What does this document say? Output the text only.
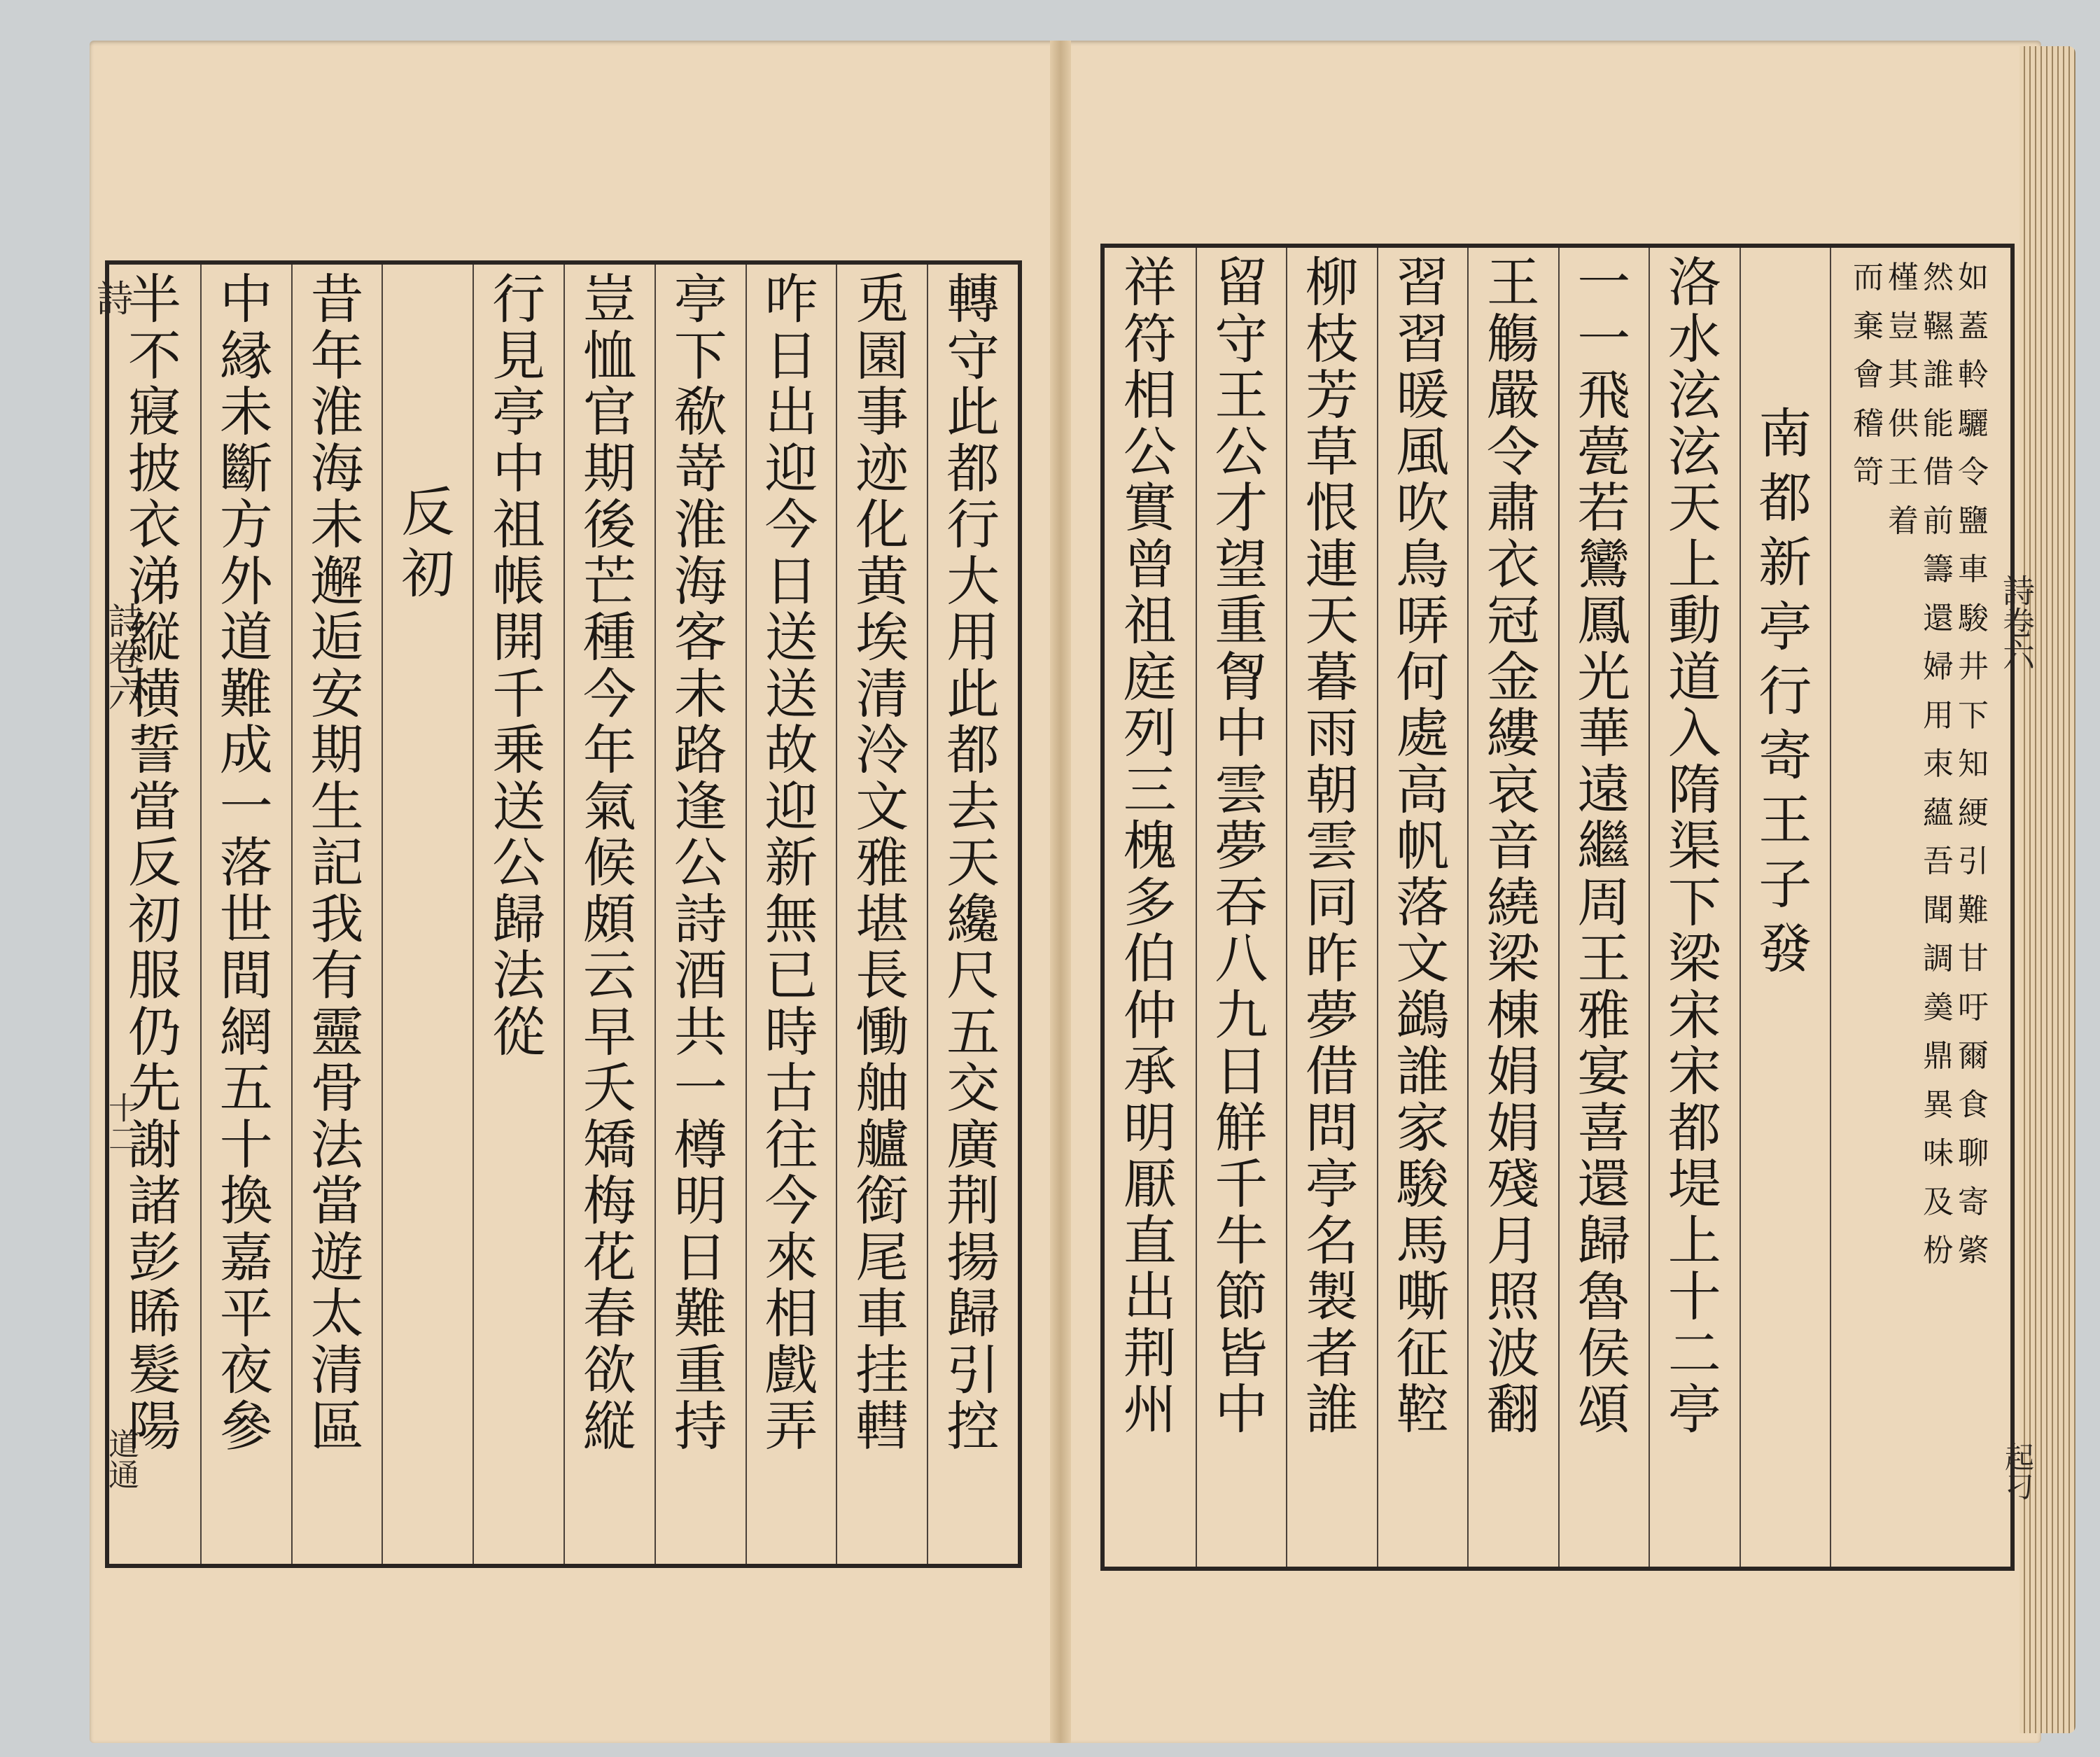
詩
詩卷六
十二
道通
轉
守
此
都
行
大
用
此
都
去
天
纔
尺
五
交
廣
荆
揚
歸
引
控
兎
園
事
迹
化
黄
埃
清
泠
文
雅
堪
長
慟
舳
艫
銜
尾
車
挂
轊
咋
日
出
迎
今
日
送
送
故
迎
新
無
已
時
古
往
今
來
相
戲
弄
亭
下
欷
嵜
淮
海
客
未
路
逢
公
詩
酒
共
一
樽
明
日
難
重
持
豈
恤
官
期
後
芒
種
今
年
氣
候
頗
云
早
夭
矯
梅
花
春
欲
縦
行
見
亭
中
祖
帳
開
千
乗
送
公
歸
法
從
反
初
昔
年
淮
海
未
邂
逅
安
期
生
記
我
有
靈
骨
法
當
遊
太
清
區
中
縁
未
斷
方
外
道
難
成
一
落
世
間
網
五
十
換
嘉
平
夜
參
半
不
寢
披
衣
涕
縦
横
誓
當
反
初
服
仍
先
謝
諸
彭
睎
髮
陽
如
蓋
軨
驪
令
鹽
車
駿
井
下
知
綆
引
難
甘
吁
爾
食
聊
寄
綮
然
韅
誰
能
借
前
籌
還
婦
用
朿
蘊
吾
聞
調
羮
鼎
異
味
及
枌
槿
豈
其
供
王
着
而
棄
會
稽
笴
南
都
新
亭
行
寄
王
子
發
洛
水
泫
泫
天
上
動
道
入
隋
渠
下
梁
宋
宋
都
堤
上
十
二
亭
一
一
飛
甍
若
鸞
鳳
光
華
遠
繼
周
王
雅
宴
喜
還
歸
魯
侯
頌
王
觴
嚴
令
肅
衣
冠
金
縷
哀
音
繞
梁
棟
娟
娟
殘
月
照
波
翻
習
習
暖
風
吹
鳥
哢
何
處
高
帆
落
文
鷁
誰
家
駿
馬
嘶
征
鞚
柳
枝
芳
草
恨
連
天
暮
雨
朝
雲
同
昨
夢
借
問
亭
名
製
者
誰
留
守
王
公
才
望
重
胷
中
雲
夢
吞
八
九
日
觧
千
牛
節
皆
中
祥
符
相
公
實
曾
祖
庭
列
三
槐
多
伯
仲
承
明
厭
直
出
荆
州
詩卷六
起刁
